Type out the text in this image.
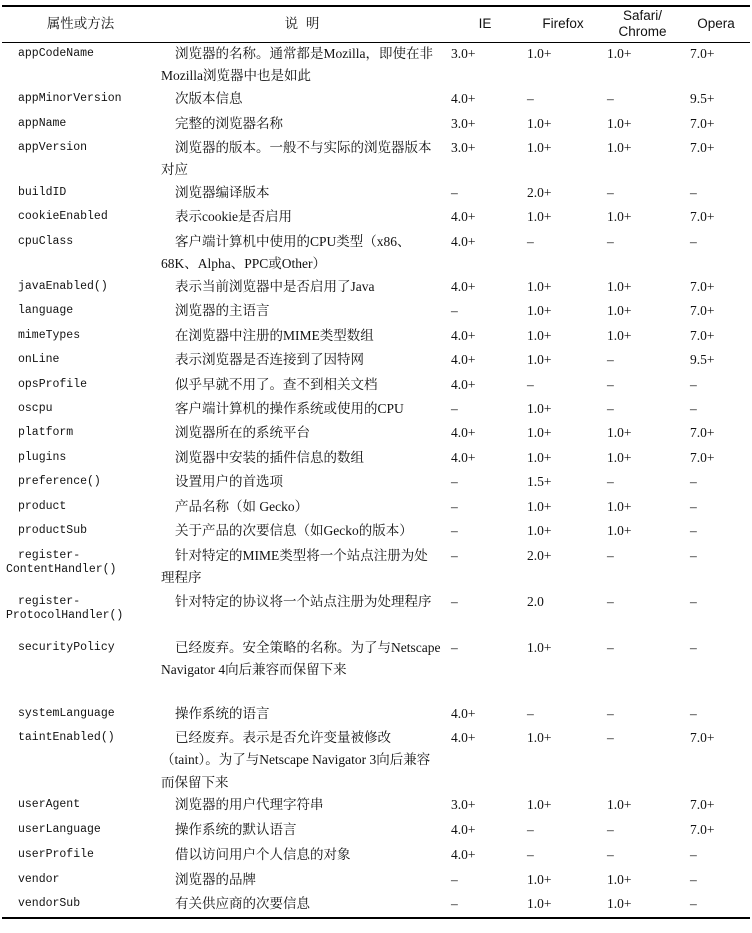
属性或方法	说 明	IE	Firefox	Safari/ Chrome	Opera
appCodeName	浏览器的名称。通常都是Mozilla，即使在非Mozilla浏览器中也是如此	3.0+	1.0+	1.0+	7.0+
appMinorVersion	次版本信息	4.0+	–	–	9.5+
appName	完整的浏览器名称	3.0+	1.0+	1.0+	7.0+
appVersion	浏览器的版本。一般不与实际的浏览器版本对应	3.0+	1.0+	1.0+	7.0+
buildID	浏览器编译版本	–	2.0+	–	–
cookieEnabled	表示cookie是否启用	4.0+	1.0+	1.0+	7.0+
cpuClass	客户端计算机中使用的CPU类型（x86、68K、Alpha、PPC或Other）	4.0+	–	–	–
javaEnabled()	表示当前浏览器中是否启用了Java	4.0+	1.0+	1.0+	7.0+
language	浏览器的主语言	–	1.0+	1.0+	7.0+
mimeTypes	在浏览器中注册的MIME类型数组	4.0+	1.0+	1.0+	7.0+
onLine	表示浏览器是否连接到了因特网	4.0+	1.0+	–	9.5+
opsProfile	似乎早就不用了。查不到相关文档	4.0+	–	–	–
oscpu	客户端计算机的操作系统或使用的CPU	–	1.0+	–	–
platform	浏览器所在的系统平台	4.0+	1.0+	1.0+	7.0+
plugins	浏览器中安装的插件信息的数组	4.0+	1.0+	1.0+	7.0+
preference()	设置用户的首选项	–	1.5+	–	–
product	产品名称（如 Gecko）	–	1.0+	1.0+	–
productSub	关于产品的次要信息（如Gecko的版本）	–	1.0+	1.0+	–

register-
ContentHandler()	针对特定的MIME类型将一个站点注册为处理程序	–	2.0+	–	–

register-
ProtocolHandler()	针对特定的协议将一个站点注册为处理程序	–	2.0	–	–
securityPolicy	已经废弃。安全策略的名称。为了与Netscape Navigator 4向后兼容而保留下来	–	1.0+	–	–
systemLanguage	操作系统的语言	4.0+	–	–	–
taintEnabled()	已经废弃。表示是否允许变量被修改（taint）。为了与Netscape Navigator 3向后兼容而保留下来	4.0+	1.0+	–	7.0+
userAgent	浏览器的用户代理字符串	3.0+	1.0+	1.0+	7.0+
userLanguage	操作系统的默认语言	4.0+	–	–	7.0+
userProfile	借以访问用户个人信息的对象	4.0+	–	–	–
vendor	浏览器的品牌	–	1.0+	1.0+	–
vendorSub	有关供应商的次要信息	–	1.0+	1.0+	–
